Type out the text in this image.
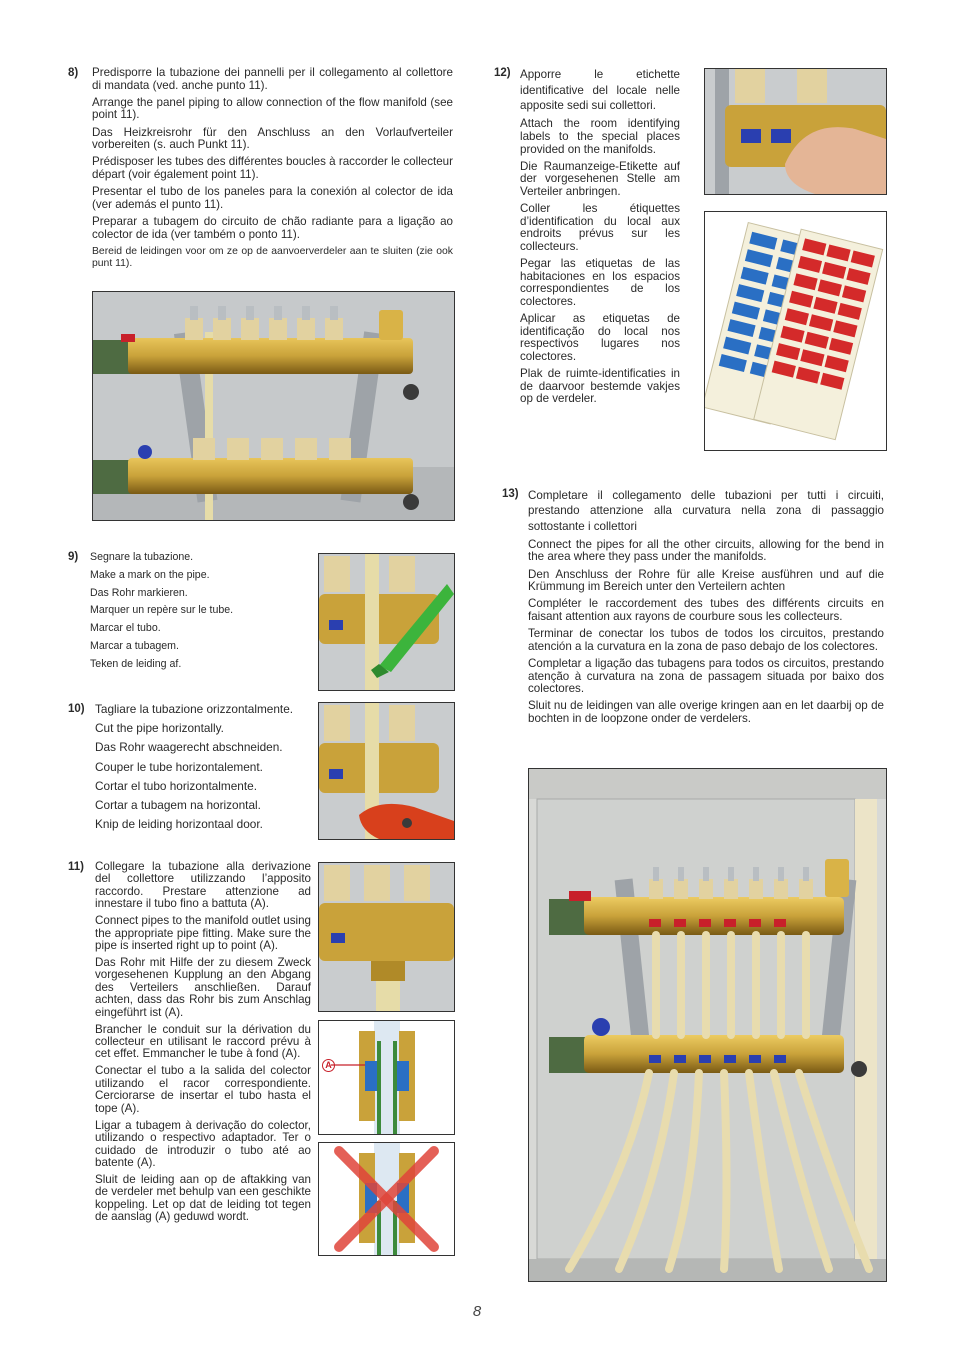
8) Predisporre la tubazione dei pannelli per il collegamento al collettore di mandata (ved. anche punto 11).

Arrange the panel piping to allow connection of the flow manifold (see point 11).

Das Heizkreisrohr für den Anschluss an den Vorlaufverteiler vorbereiten (s. auch Punkt 11).

Prédisposer les tubes des différentes boucles à raccorder le collecteur départ (voir également point 11).

Presentar el tubo de los paneles para la conexión al colector de ida (ver además el punto 11).

Preparar a tubagem do circuito de chão radiante para a ligação ao colector de ida (ver também o ponto 11).

Bereid de leidingen voor om ze op de aanvoerverdeler aan te sluiten (zie ook punt 11).

9) Segnare la tubazione.

Make a mark on the pipe.

Das Rohr markieren.

Marquer un repère sur le tube.

Marcar el tubo.

Marcar a tubagem.

Teken de leiding af.

10) Tagliare la tubazione orizzontalmente.

Cut the pipe horizontally.

Das Rohr waagerecht abschneiden.

Couper le tube horizontalement.

Cortar el tubo horizontalmente.

Cortar a tubagem na horizontal.

Knip de leiding horizontaal door.

11) Collegare la tubazione alla derivazione del collettore utilizzando l’apposito raccordo. Prestare attenzione ad innestare il tubo fino a battuta (A).

Connect pipes to the manifold outlet using the appropriate pipe fitting. Make sure the pipe is inserted right up to point (A).

Das Rohr mit Hilfe der zu diesem Zweck vorgesehenen Kupplung an den Abgang des Verteilers anschließen. Darauf achten, dass das Rohr bis zum Anschlag eingeführt ist (A).

Brancher le conduit sur la dérivation du collecteur en utilisant le raccord prévu à cet effet. Emmancher le tube à fond (A).

Conectar el tubo a la salida del colector utilizando el racor correspondiente. Cerciorarse de insertar el tubo hasta el tope (A).

Ligar a tubagem à derivação do colector, utilizando o respectivo adaptador. Ter o cuidado de introduzir o tubo até ao batente (A).

Sluit de leiding aan op de aftakking van de verdeler met behulp van een geschikte koppeling. Let op dat de leiding tot tegen de aanslag (A) geduwd wordt.

A
12) Apporre le etichette identificative del locale nelle apposite sedi sui collettori.

Attach the room identifying labels to the special places provided on the manifolds.

Die Raumanzeige-Etikette auf der vorgesehenen Stelle am Verteiler anbringen.

Coller les étiquettes d’identification du local aux endroits prévus sur les collecteurs.

Pegar las etiquetas de las habitaciones en los espacios correspondientes de los colectores.

Aplicar as etiquetas de identificação do local nos respectivos lugares nos colectores.

Plak de ruimte-identificaties in de daarvoor bestemde vakjes op de verdeler.

13) Completare il collegamento delle tubazioni per tutti i circuiti, prestando attenzione alla curvatura nella zona di passaggio sottostante i collettori

Connect the pipes for all the other circuits, allowing for the bend in the area where they pass under the manifolds.

Den Anschluss der Rohre für alle Kreise ausführen und auf die Krümmung im Bereich unter den Verteilern achten

Compléter le raccordement des tubes des différents circuits en faisant attention aux rayons de courbure sous les collecteurs.

Terminar de conectar los tubos de todos los circuitos, prestando atención a la curvatura en la zona de paso debajo de los colectores.

Completar a ligação das tubagens para todos os circuitos, prestando atenção à curvatura na zona de passagem situada por baixo dos colectores.

Sluit nu de leidingen van alle overige kringen aan en let daarbij op de bochten in de loopzone onder de verdelers.

8
